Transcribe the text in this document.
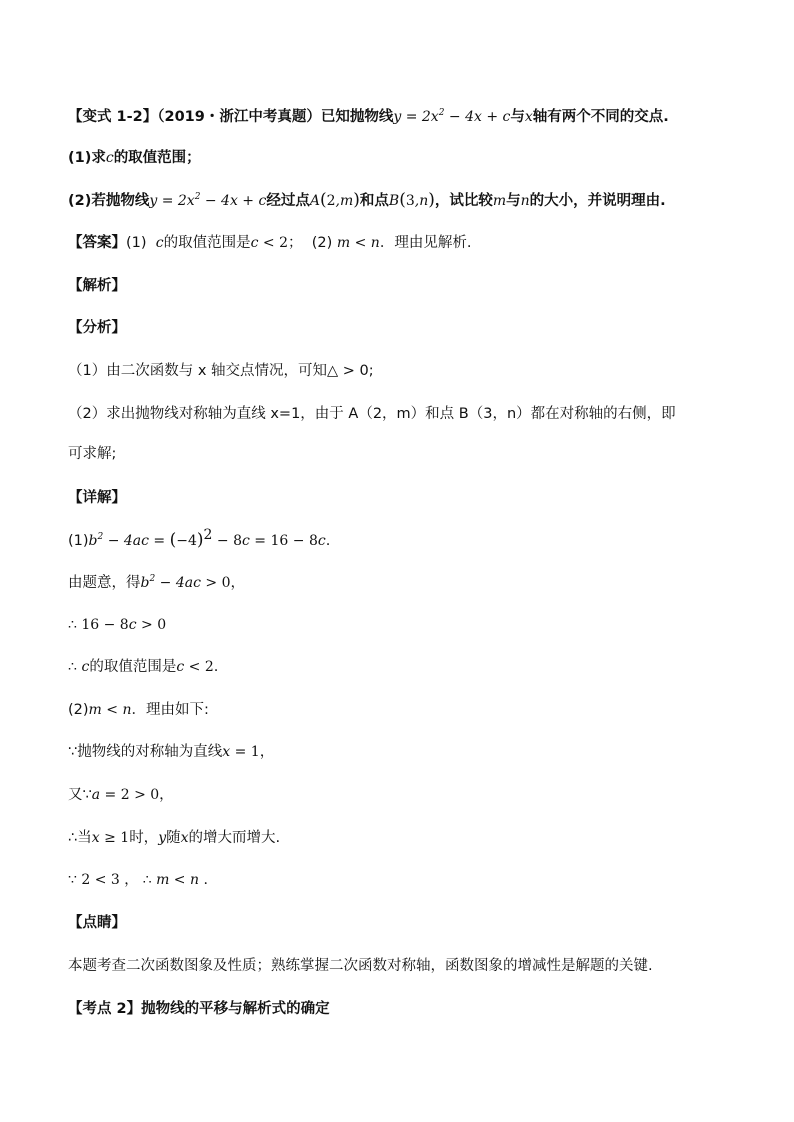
【变式 1-2】（2019・浙江中考真题）已知抛物线$y = 2x^2 - 4x + c$与x轴有两个不同的交点.
(1)求c的取值范围；
(2)若抛物线$y = 2x^2 - 4x + c$经过点A(2,m)和点B(3,n)，试比较m与n的大小，并说明理由.
【答案】(1) c的取值范围是c < 2； (2) m < n．理由见解析.
【解析】
【分析】
（1）由二次函数与 x 轴交点情况，可知△ > 0;
（2）求出抛物线对称轴为直线 x=1，由于 A（2，m）和点 B（3，n）都在对称轴的右侧，即
可求解;
【详解】
$(1)b^2 - 4ac = (-4)^2 - 8c = 16 - 8c$.
由题意，得$b^2 - 4ac > 0$，
∴ 16 − 8c > 0
∴ c的取值范围是c < 2.
(2)m < n．理由如下:
∵抛物线的对称轴为直线x = 1，
又∵a = 2 > 0，
∴当x ≥ 1时，y随x的增大而增大.
∵ 2 < 3 ， ∴ m < n .
【点睛】
本题考查二次函数图象及性质；熟练掌握二次函数对称轴，函数图象的增减性是解题的关键.
【考点 2】抛物线的平移与解析式的确定
